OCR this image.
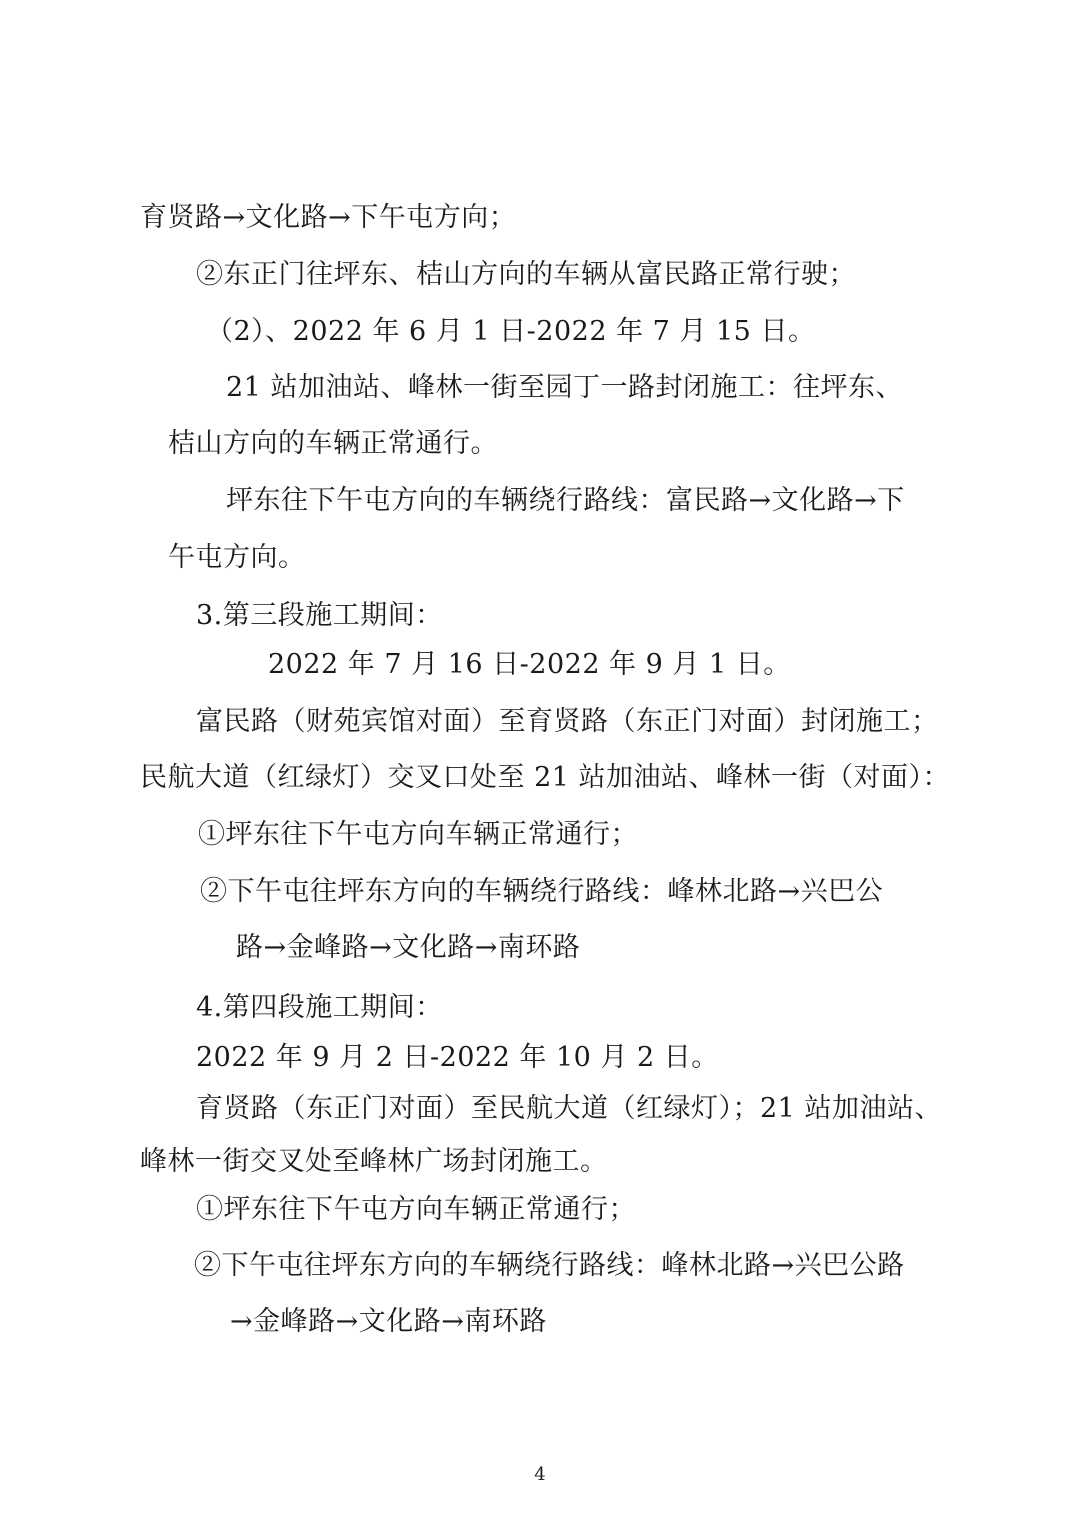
育贤路→文化路→下午屯方向；
②东正门往坪东、桔山方向的车辆从富民路正常行驶；
（2）、2022 年 6 月 1 日-2022 年 7 月 15 日。
21 站加油站、峰林一街至园丁一路封闭施工：往坪东、
桔山方向的车辆正常通行。
坪东往下午屯方向的车辆绕行路线：富民路→文化路→下
午屯方向。
3.第三段施工期间：
2022 年 7 月 16 日-2022 年 9 月 1 日。
富民路（财苑宾馆对面）至育贤路（东正门对面）封闭施工；
民航大道（红绿灯）交叉口处至 21 站加油站、峰林一街（对面）：
①坪东往下午屯方向车辆正常通行；
②下午屯往坪东方向的车辆绕行路线：峰林北路→兴巴公
路→金峰路→文化路→南环路
4.第四段施工期间：
2022 年 9 月 2 日-2022 年 10 月 2 日。
育贤路（东正门对面）至民航大道（红绿灯）；21 站加油站、
峰林一街交叉处至峰林广场封闭施工。
①坪东往下午屯方向车辆正常通行；
②下午屯往坪东方向的车辆绕行路线：峰林北路→兴巴公路
→金峰路→文化路→南环路
4
